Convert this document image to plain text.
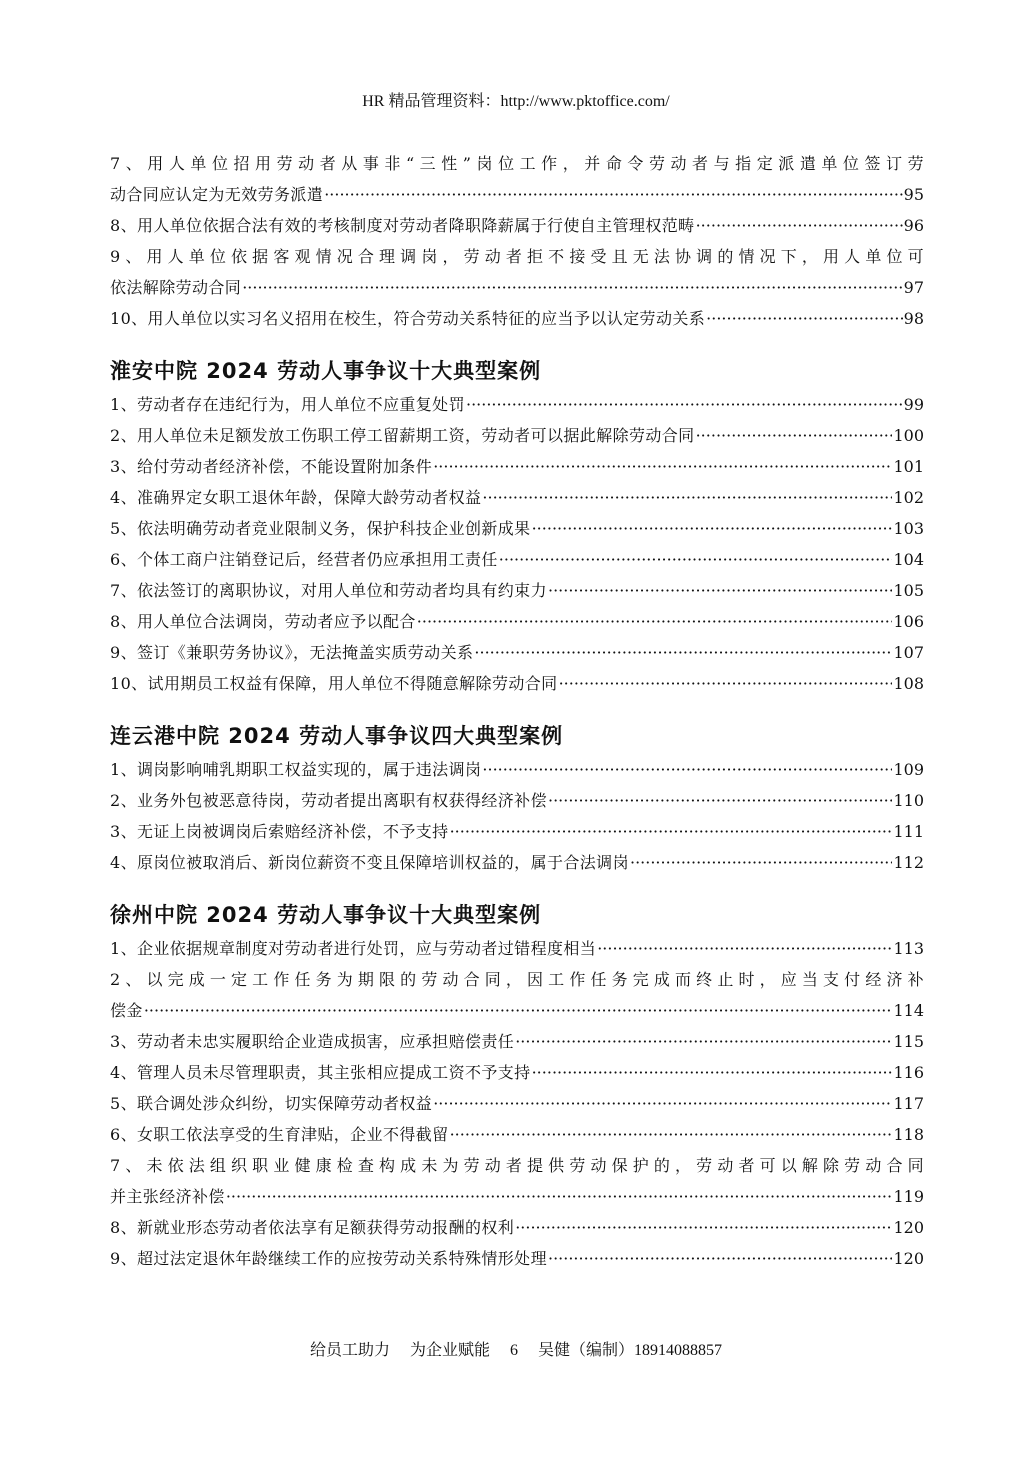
HR 精品管理资料：http://www.pktoffice.com/
7、用人单位招用劳动者从事非“三性”岗位工作，并命令劳动者与指定派遣单位签订劳
动合同应认定为无效劳务派遣 ·····	95
8、用人单位依据合法有效的考核制度对劳动者降职降薪属于行使自主管理权范畴 ·····	96
9、用人单位依据客观情况合理调岗，劳动者拒不接受且无法协调的情况下，用人单位可
依法解除劳动合同 ·····	97
10、用人单位以实习名义招用在校生，符合劳动关系特征的应当予以认定劳动关系 ·····	98
淮安中院 2024 劳动人事争议十大典型案例
1、劳动者存在违纪行为，用人单位不应重复处罚 ·····	99
2、用人单位未足额发放工伤职工停工留薪期工资，劳动者可以据此解除劳动合同 ·····	100
3、给付劳动者经济补偿，不能设置附加条件 ·····	101
4、准确界定女职工退休年龄，保障大龄劳动者权益 ·····	102
5、依法明确劳动者竞业限制义务，保护科技企业创新成果 ·····	103
6、个体工商户注销登记后，经营者仍应承担用工责任 ·····	104
7、依法签订的离职协议，对用人单位和劳动者均具有约束力 ·····	105
8、用人单位合法调岗，劳动者应予以配合 ·····	106
9、签订《兼职劳务协议》，无法掩盖实质劳动关系 ·····	107
10、试用期员工权益有保障，用人单位不得随意解除劳动合同 ·····	108
连云港中院 2024 劳动人事争议四大典型案例
1、调岗影响哺乳期职工权益实现的，属于违法调岗 ·····	109
2、业务外包被恶意待岗，劳动者提出离职有权获得经济补偿 ·····	110
3、无证上岗被调岗后索赔经济补偿，不予支持 ·····	111
4、原岗位被取消后、新岗位薪资不变且保障培训权益的，属于合法调岗 ·····	112
徐州中院 2024 劳动人事争议十大典型案例
1、企业依据规章制度对劳动者进行处罚，应与劳动者过错程度相当 ·····	113
2、以完成一定工作任务为期限的劳动合同，因工作任务完成而终止时，应当支付经济补
偿金 ·····	114
3、劳动者未忠实履职给企业造成损害，应承担赔偿责任 ·····	115
4、管理人员未尽管理职责，其主张相应提成工资不予支持 ·····	116
5、联合调处涉众纠纷，切实保障劳动者权益 ·····	117
6、女职工依法享受的生育津贴，企业不得截留 ·····	118
7、未依法组织职业健康检查构成未为劳动者提供劳动保护的，劳动者可以解除劳动合同
并主张经济补偿 ·····	119
8、新就业形态劳动者依法享有足额获得劳动报酬的权利 ·····	120
9、超过法定退休年龄继续工作的应按劳动关系特殊情形处理 ·····	120
给员工助力 为企业赋能 6 吴健（编制）18914088857
